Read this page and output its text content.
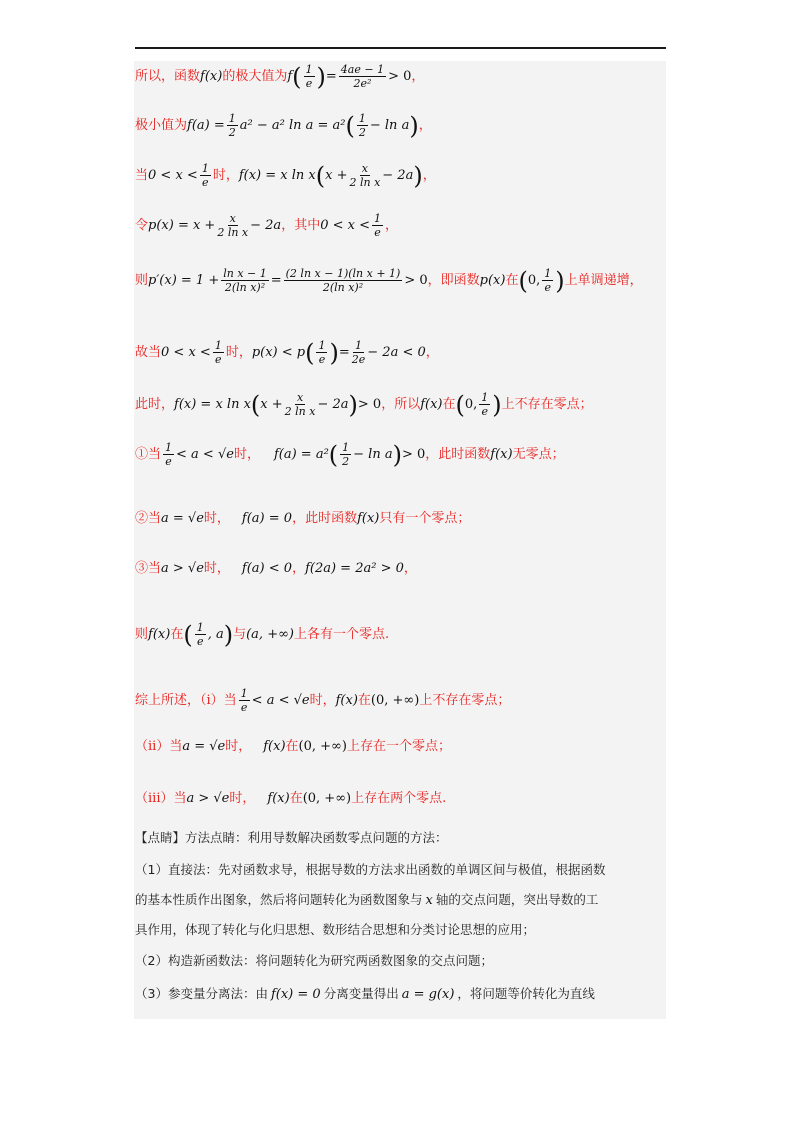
所以，函数 f(x) 的极大值为 f ( $\frac{1}{e}$ ) = $\frac{4ae - 1}{\text{2e²}} > 0$ ，
极小值为 $f(a) = \frac{1}{2} a^2 - a^2$ ln a = a² ( $\frac{1}{2} - \ln a$ ) ，
当 $0 < x < \frac{1}{e}$ 时， f(x) = x ln x ( $x + \frac{x}{\text{2 ln x}} - 2a$ ) ，
令 $p(x) = x + \frac{x}{\text{2 ln x}} - 2a$ ，其中 $0 < x < \frac{1}{e}$ ，
则 $p'(x) = 1 + \frac{\text{ln x − 1}}{\text{2(ln x)²}} = \frac{\text{(2 ln x − 1)(ln x + 1)}}{\text{2(ln x)²}} > 0$ ，即函数 p(x) 在 ( 0, $\frac{1}{e}$ ) 上单调递增，
故当 $0 < x < \frac{1}{e}$ 时， p(x) < p ( $\frac{1}{e}$ ) = $\frac{1}{2e} - 2a < 0$ ，
此时， f(x) = x ln x ( $x + \frac{x}{\text{2 ln x}} - 2a$ ) > 0 ，所以 f(x) 在 ( 0, $\frac{1}{e}$ ) 上不存在零点；
①当 $\frac{1}{e} < a < √e$ 时， f(a) = a² ( $\frac{1}{2} - \ln a$ ) > 0 ，此时函数 f(x) 无零点；
②当 a = √e 时， f(a) = 0 ，此时函数 f(x) 只有一个零点；
③当 a > √e 时， f(a) < 0 ， f(2a) = 2a² > 0 ，
则 f(x) 在 ( $\frac{1}{e}$ , a ) 与 (a, +∞) 上各有一个零点.
综上所述，（i）当 $\frac{1}{e} < a < √e$ 时， f(x) 在 (0, +∞) 上不存在零点；
（ii）当 a = √e 时， f(x) 在 (0, +∞) 上存在一个零点；
（iii）当 a > √e 时， f(x) 在 (0, +∞) 上存在两个零点.
【点睛】方法点睛：利用导数解决函数零点问题的方法：
（1）直接法：先对函数求导，根据导数的方法求出函数的单调区间与极值，根据函数
的基本性质作出图象，然后将问题转化为函数图象与 x 轴的交点问题，突出导数的工
具作用，体现了转化与化归思想、数形结合思想和分类讨论思想的应用；
（2）构造新函数法：将问题转化为研究两函数图象的交点问题；
（3）参变量分离法：由 f(x) = 0 分离变量得出 a = g(x) ，将问题等价转化为直线
